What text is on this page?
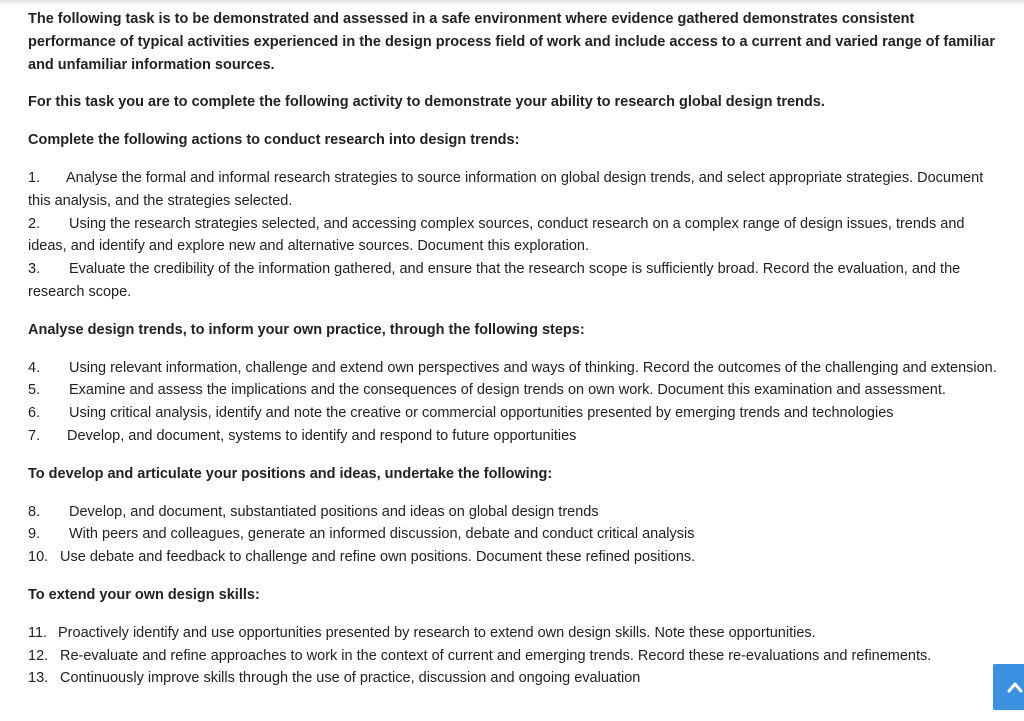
The following task is to be demonstrated and assessed in a safe environment where evidence gathered demonstrates consistent performance of typical activities experienced in the design process field of work and include access to a current and varied range of familiar and unfamiliar information sources.

For this task you are to complete the following activity to demonstrate your ability to research global design trends.

Complete the following actions to conduct research into design trends:

1. Analyse the formal and informal research strategies to source information on global design trends, and select appropriate strategies. Document this analysis, and the strategies selected.

2. Using the research strategies selected, and accessing complex sources, conduct research on a complex range of design issues, trends and ideas, and identify and explore new and alternative sources. Document this exploration.

3. Evaluate the credibility of the information gathered, and ensure that the research scope is sufficiently broad. Record the evaluation, and the research scope.

Analyse design trends, to inform your own practice, through the following steps:

4. Using relevant information, challenge and extend own perspectives and ways of thinking. Record the outcomes of the challenging and extension.

5. Examine and assess the implications and the consequences of design trends on own work. Document this examination and assessment.

6. Using critical analysis, identify and note the creative or commercial opportunities presented by emerging trends and technologies

7. Develop, and document, systems to identify and respond to future opportunities

To develop and articulate your positions and ideas, undertake the following:

8. Develop, and document, substantiated positions and ideas on global design trends

9. With peers and colleagues, generate an informed discussion, debate and conduct critical analysis

10. Use debate and feedback to challenge and refine own positions. Document these refined positions.

To extend your own design skills:

11. Proactively identify and use opportunities presented by research to extend own design skills. Note these opportunities.

12. Re-evaluate and refine approaches to work in the context of current and emerging trends. Record these re-evaluations and refinements.

13. Continuously improve skills through the use of practice, discussion and ongoing evaluation
